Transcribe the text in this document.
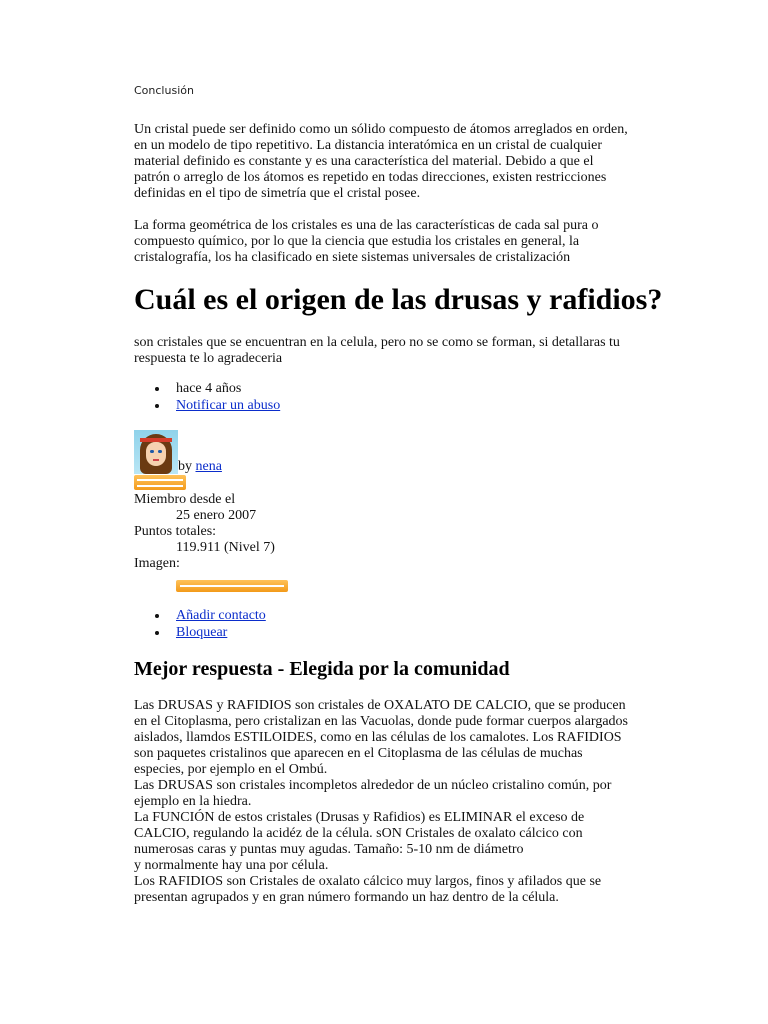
Conclusión

Un cristal puede ser definido como un sólido compuesto de átomos arreglados en orden,
en un modelo de tipo repetitivo. La distancia interatómica en un cristal de cualquier
material definido es constante y es una característica del material. Debido a que el
patrón o arreglo de los átomos es repetido en todas direcciones, existen restricciones
definidas en el tipo de simetría que el cristal posee.

La forma geométrica de los cristales es una de las características de cada sal pura o
compuesto químico, por lo que la ciencia que estudia los cristales en general, la
cristalografía, los ha clasificado en siete sistemas universales de cristalización

Cuál es el origen de las drusas y rafidios?

son cristales que se encuentran en la celula, pero no se como se forman, si detallaras tu
respuesta te lo agradeceria

hace 4 años
Notificar un abuso
by nena
Miembro desde el
25 enero 2007
Puntos totales:
119.911 (Nivel 7)
Imagen:
Añadir contacto
Bloquear
Mejor respuesta - Elegida por la comunidad

Las DRUSAS y RAFIDIOS son cristales de OXALATO DE CALCIO, que se producen
en el Citoplasma, pero cristalizan en las Vacuolas, donde pude formar cuerpos alargados
aislados, llamdos ESTILOIDES, como en las células de los camalotes. Los RAFIDIOS
son paquetes cristalinos que aparecen en el Citoplasma de las células de muchas
especies, por ejemplo en el Ombú.
Las DRUSAS son cristales incompletos alrededor de un núcleo cristalino común, por
ejemplo en la hiedra.
La FUNCIÓN de estos cristales (Drusas y Rafidios) es ELIMINAR el exceso de
CALCIO, regulando la acidéz de la célula. sON Cristales de oxalato cálcico con
numerosas caras y puntas muy agudas. Tamaño: 5-10 nm de diámetro
y normalmente hay una por célula.
Los RAFIDIOS son Cristales de oxalato cálcico muy largos, finos y afilados que se
presentan agrupados y en gran número formando un haz dentro de la célula.
